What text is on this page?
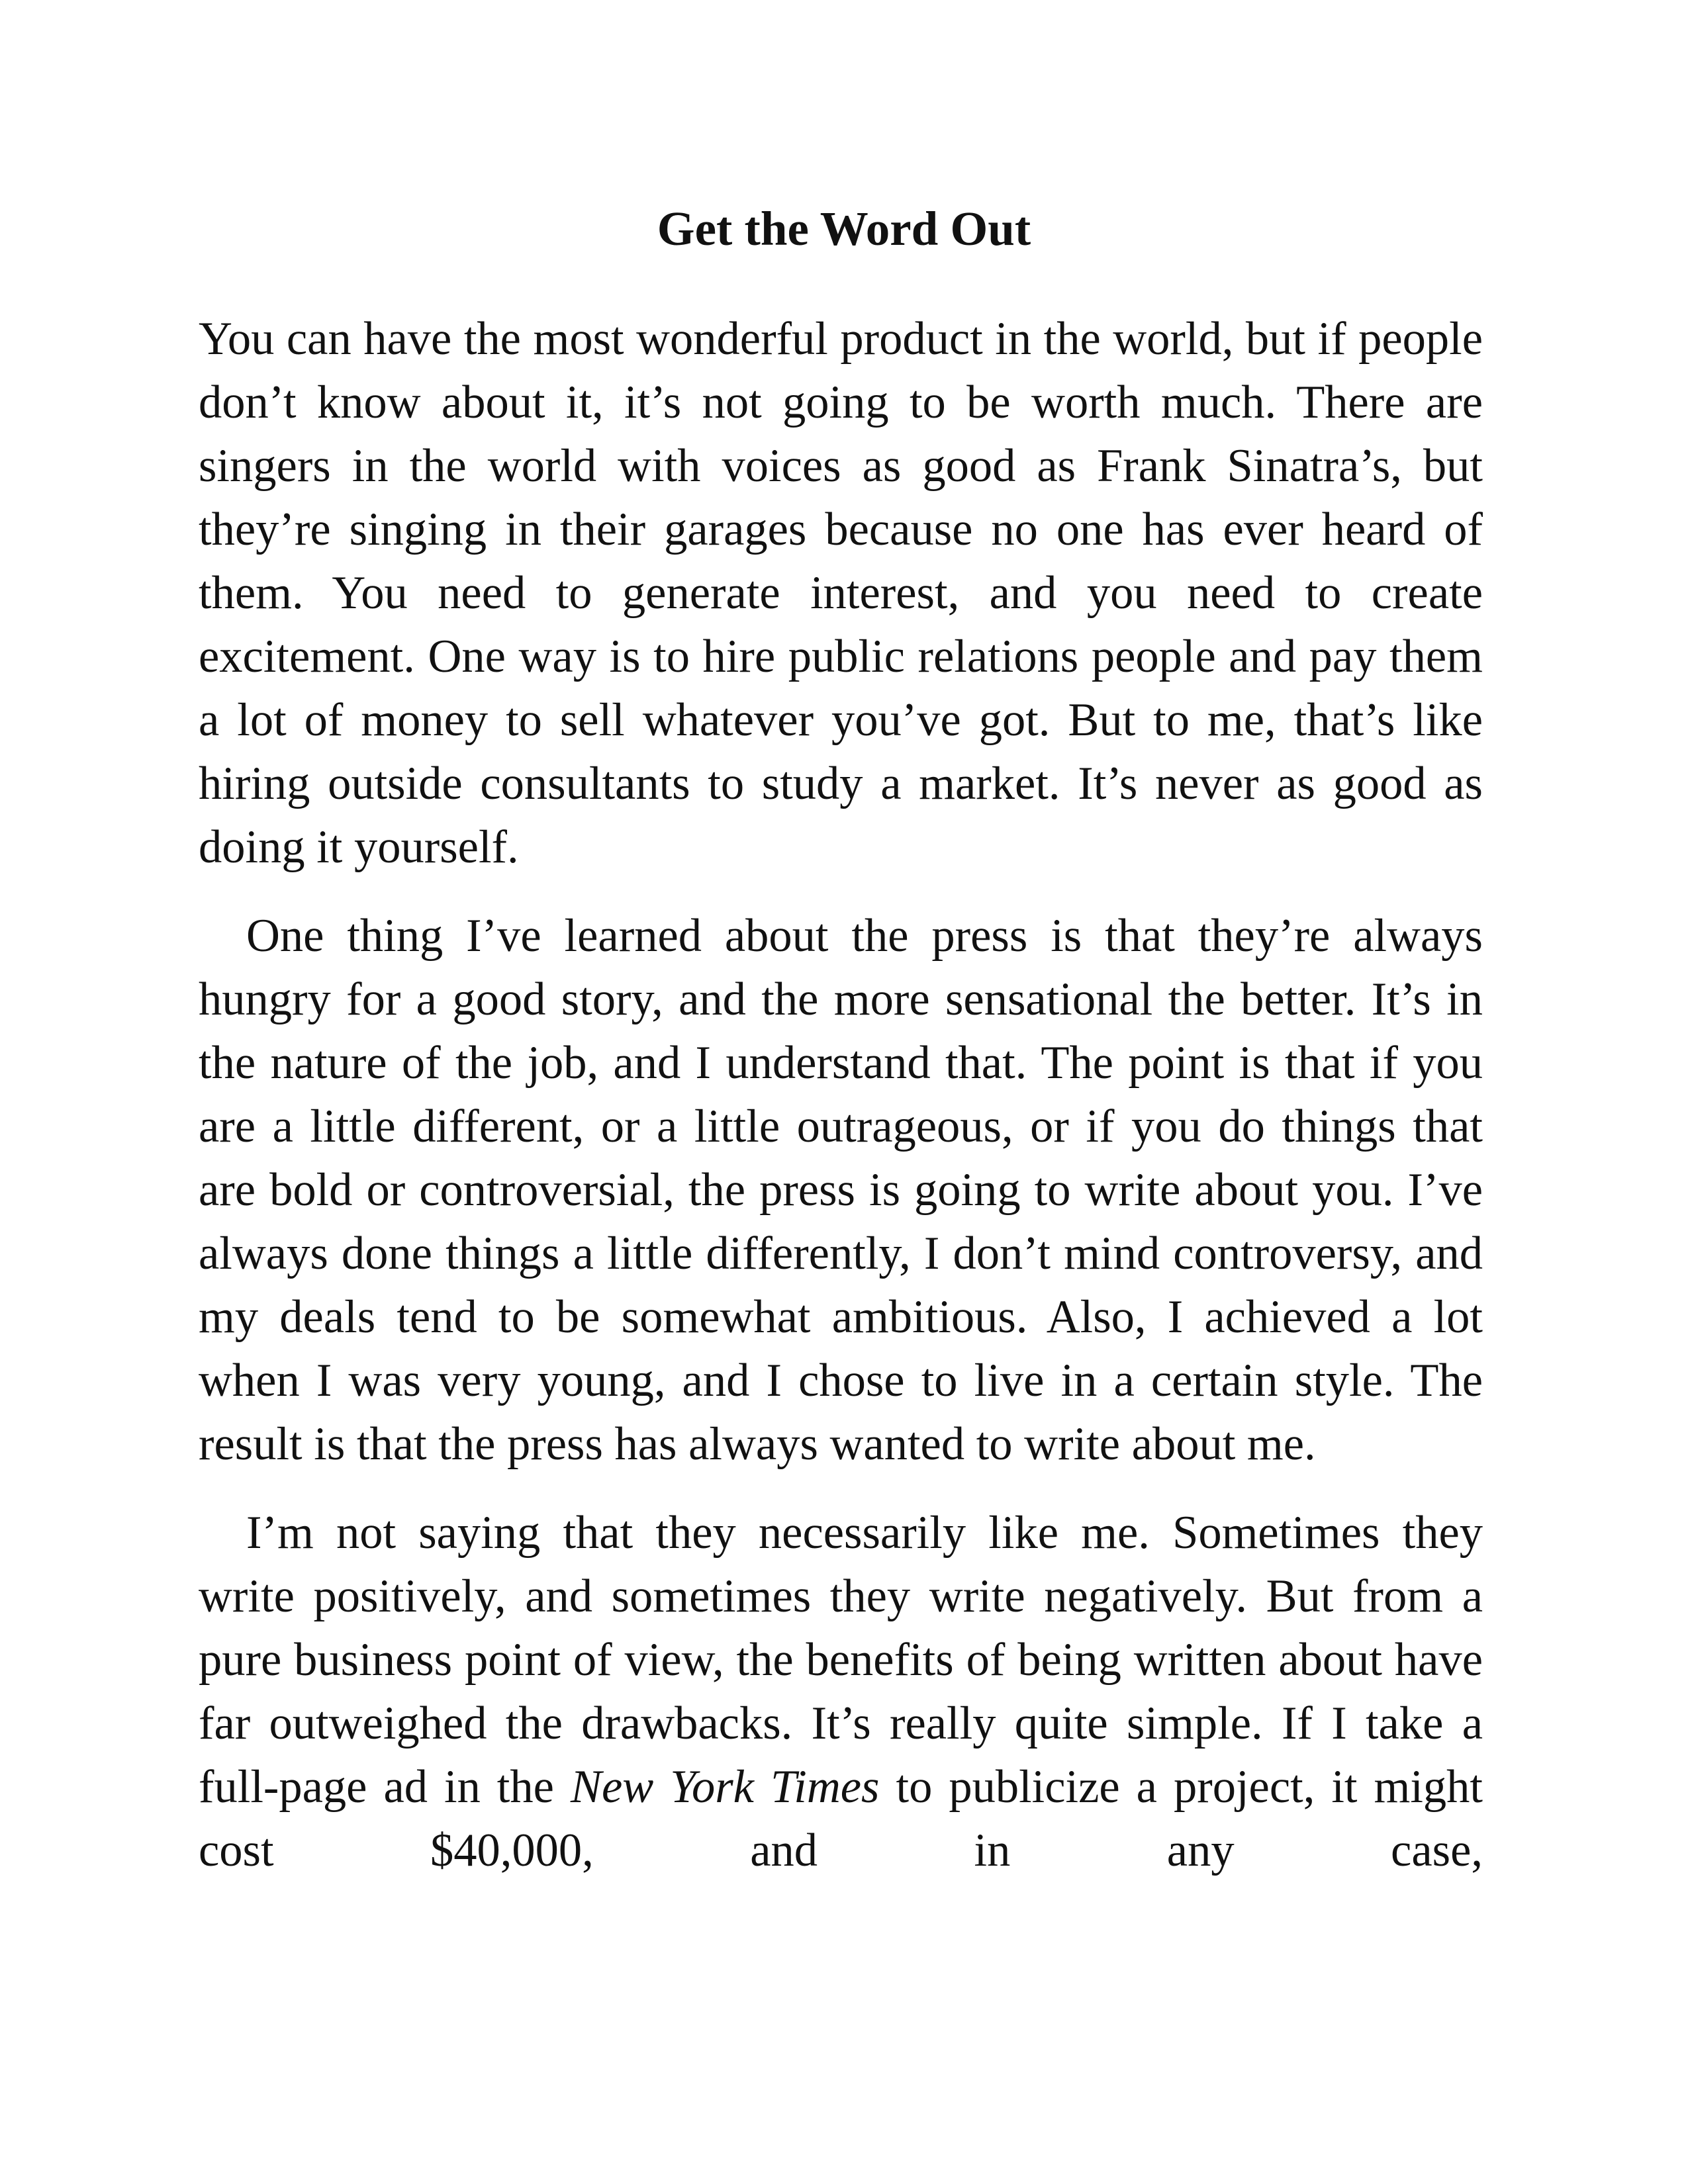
Get the Word Out

You can have the most wonderful product in the world, but if people don’t know about it, it’s not going to be worth much. There are singers in the world with voices as good as Frank Sinatra’s, but they’re singing in their garages because no one has ever heard of them. You need to generate interest, and you need to create excitement. One way is to hire public relations people and pay them a lot of money to sell whatever you’ve got. But to me, that’s like hiring outside consultants to study a market. It’s never as good as doing it yourself.

One thing I’ve learned about the press is that they’re always hungry for a good story, and the more sensational the better. It’s in the nature of the job, and I understand that. The point is that if you are a little different, or a little outrageous, or if you do things that are bold or controversial, the press is going to write about you. I’ve always done things a little differently, I don’t mind controversy, and my deals tend to be somewhat ambitious. Also, I achieved a lot when I was very young, and I chose to live in a certain style. The result is that the press has always wanted to write about me.

I’m not saying that they necessarily like me. Sometimes they write positively, and sometimes they write negatively. But from a pure business point of view, the benefits of being written about have far outweighed the drawbacks. It’s really quite simple. If I take a full-page ad in the New York Times to publicize a project, it might cost $40,000, and in any case,
